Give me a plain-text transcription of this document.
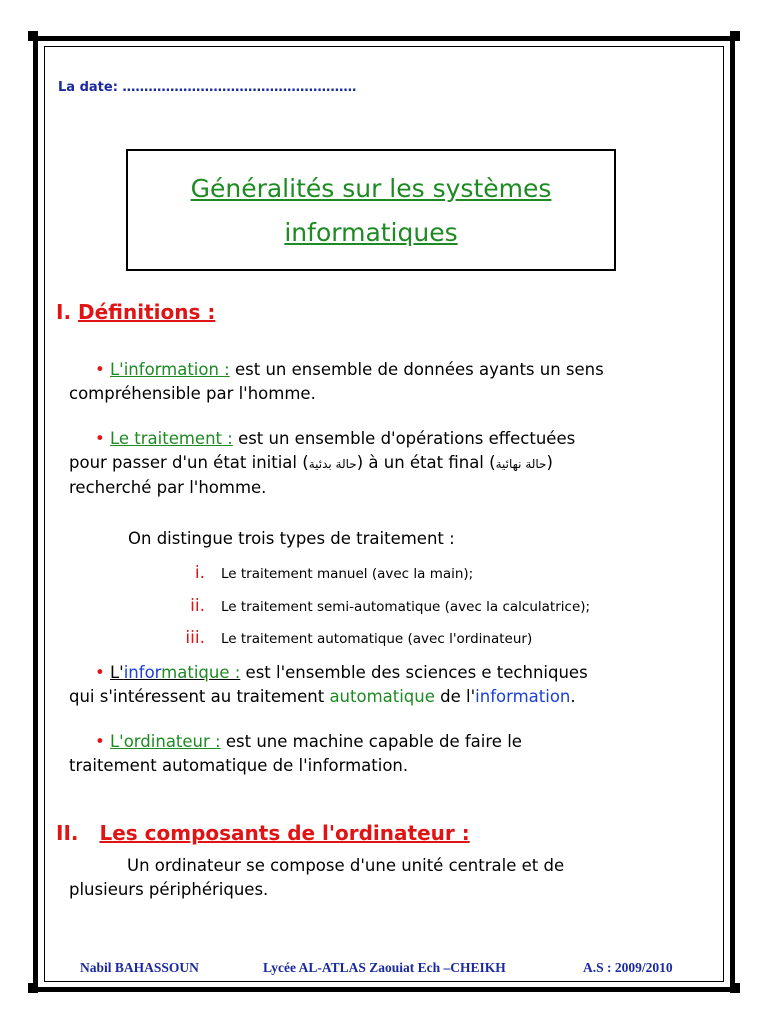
La date: ………………………………………………
Généralités sur les systèmes
informatiques
I. Définitions :
• L'information : est un ensemble de données ayants un sens
compréhensible par l'homme.
• Le traitement : est un ensemble d'opérations effectuées
pour passer d'un état initial (حالة بدئية) à un état final (حالة نهائية)
recherché par l'homme.
On distingue trois types de traitement :
i. Le traitement manuel (avec la main);
ii. Le traitement semi-automatique (avec la calculatrice);
iii. Le traitement automatique (avec l'ordinateur)
• L'informatique : est l'ensemble des sciences e techniques
qui s'intéressent au traitement automatique de l'information.
• L'ordinateur : est une machine capable de faire le
traitement automatique de l'information.
II. Les composants de l'ordinateur :
Un ordinateur se compose d'une unité centrale et de
plusieurs périphériques.
Nabil BAHASSOUN	Lycée AL-ATLAS Zaouiat Ech –CHEIKH	A.S : 2009/2010
